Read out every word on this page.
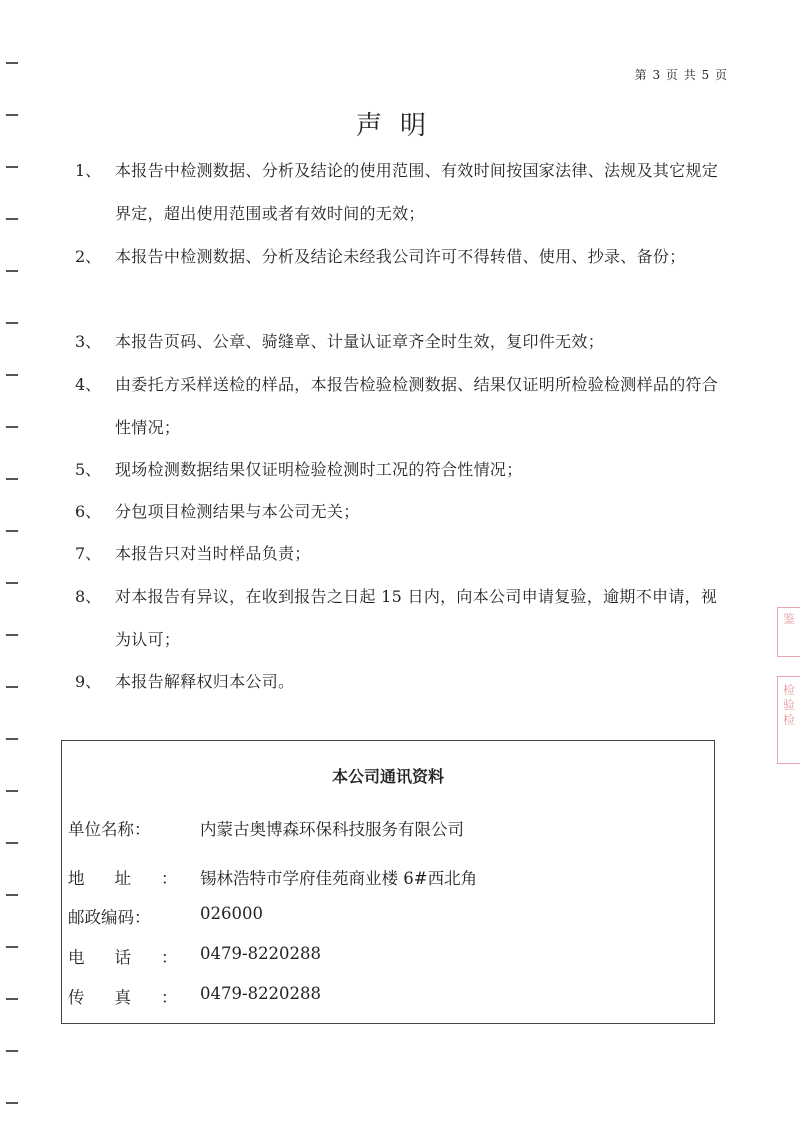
第 3 页 共 5 页
声明
1、 本报告中检测数据、分析及结论的使用范围、有效时间按国家法律、法规及其它规定界定，超出使用范围或者有效时间的无效；
2、 本报告中检测数据、分析及结论未经我公司许可不得转借、使用、抄录、备份；
3、 本报告页码、公章、骑缝章、计量认证章齐全时生效，复印件无效；
4、 由委托方采样送检的样品，本报告检验检测数据、结果仅证明所检验检测样品的符合性情况；
5、 现场检测数据结果仅证明检验检测时工况的符合性情况；
6、 分包项目检测结果与本公司无关；
7、 本报告只对当时样品负责；
8、 对本报告有异议，在收到报告之日起 15 日内，向本公司申请复验，逾期不申请，视为认可；
9、 本报告解释权归本公司。
本公司通讯资料
单位名称：	内蒙古奥博森环保科技服务有限公司
地址：
锡林浩特市学府佳苑商业楼 6#西北角
邮政编码：	026000
电话：
0479-8220288
传真：
0479-8220288
鉴
检验检
